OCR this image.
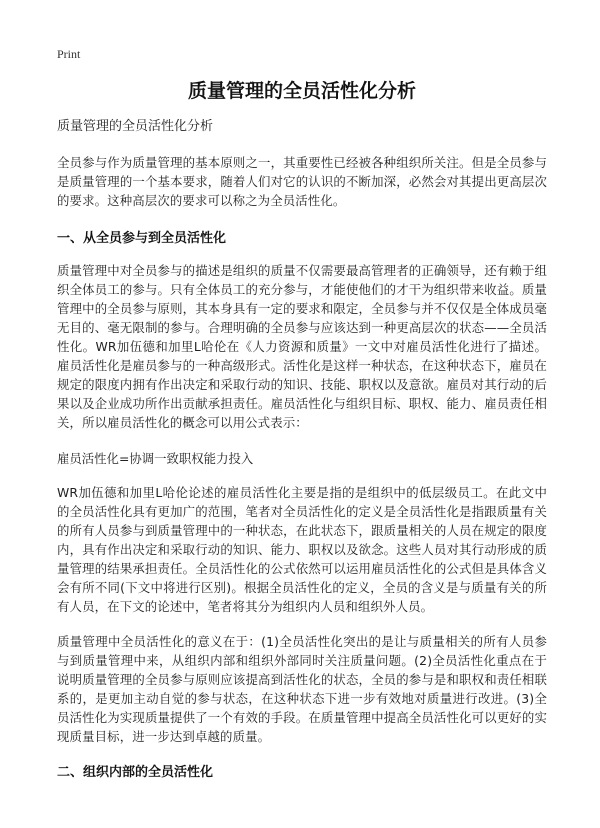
Print
质量管理的全员活性化分析
质量管理的全员活性化分析

全员参与作为质量管理的基本原则之一，其重要性已经被各种组织所关注。但是全员参与是质量管理的一个基本要求，随着人们对它的认识的不断加深，必然会对其提出更高层次的要求。这种高层次的要求可以称之为全员活性化。

一、从全员参与到全员活性化

质量管理中对全员参与的描述是组织的质量不仅需要最高管理者的正确领导，还有赖于组织全体员工的参与。只有全体员工的充分参与，才能使他们的才干为组织带来收益。质量管理中的全员参与原则，其本身具有一定的要求和限定，全员参与并不仅仅是全体成员毫无目的、毫无限制的参与。合理明确的全员参与应该达到一种更高层次的状态——全员活性化。WR加伍德和加里L哈伦在《人力资源和质量》一文中对雇员活性化进行了描述。雇员活性化是雇员参与的一种高级形式。活性化是这样一种状态，在这种状态下，雇员在规定的限度内拥有作出决定和采取行动的知识、技能、职权以及意欲。雇员对其行动的后果以及企业成功所作出贡献承担责任。雇员活性化与组织目标、职权、能力、雇员责任相关，所以雇员活性化的概念可以用公式表示：

雇员活性化=协调一致职权能力投入

WR加伍德和加里L哈伦论述的雇员活性化主要是指的是组织中的低层级员工。在此文中的全员活性化具有更加广的范围，笔者对全员活性化的定义是全员活性化是指跟质量有关的所有人员参与到质量管理中的一种状态，在此状态下，跟质量相关的人员在规定的限度内，具有作出决定和采取行动的知识、能力、职权以及欲念。这些人员对其行动形成的质量管理的结果承担责任。全员活性化的公式依然可以运用雇员活性化的公式但是具体含义会有所不同(下文中将进行区别)。根据全员活性化的定义，全员的含义是与质量有关的所有人员，在下文的论述中，笔者将其分为组织内人员和组织外人员。

质量管理中全员活性化的意义在于：(1)全员活性化突出的是让与质量相关的所有人员参与到质量管理中来，从组织内部和组织外部同时关注质量问题。(2)全员活性化重点在于说明质量管理的全员参与原则应该提高到活性化的状态，全员的参与是和职权和责任相联系的，是更加主动自觉的参与状态，在这种状态下进一步有效地对质量进行改进。(3)全员活性化为实现质量提供了一个有效的手段。在质量管理中提高全员活性化可以更好的实现质量目标，进一步达到卓越的质量。

二、组织内部的全员活性化
